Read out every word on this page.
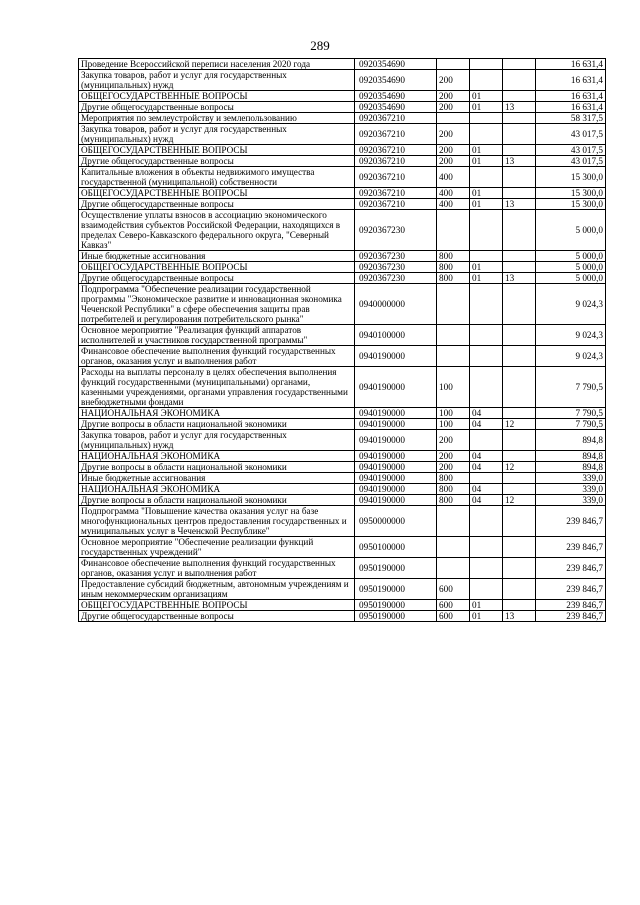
289
Проведение Всероссийской переписи населения 2020 года	0920354690				16 631,4
Закупка товаров, работ и услуг для государственных (муниципальных) нужд	0920354690	200			16 631,4
ОБЩЕГОСУДАРСТВЕННЫЕ ВОПРОСЫ	0920354690	200	01		16 631,4
Другие общегосударственные вопросы	0920354690	200	01	13	16 631,4
Мероприятия по землеустройству и землепользованию	0920367210				58 317,5
Закупка товаров, работ и услуг для государственных (муниципальных) нужд	0920367210	200			43 017,5
ОБЩЕГОСУДАРСТВЕННЫЕ ВОПРОСЫ	0920367210	200	01		43 017,5
Другие общегосударственные вопросы	0920367210	200	01	13	43 017,5
Капитальные вложения в объекты недвижимого имущества государственной (муниципальной) собственности	0920367210	400			15 300,0
ОБЩЕГОСУДАРСТВЕННЫЕ ВОПРОСЫ	0920367210	400	01		15 300,0
Другие общегосударственные вопросы	0920367210	400	01	13	15 300,0
Осуществление уплаты взносов в ассоциацию экономического взаимодействия субъектов Российской Федерации, находящихся в пределах Северо-Кавказского федерального округа, "Северный Кавказ"	0920367230				5 000,0
Иные бюджетные ассигнования	0920367230	800			5 000,0
ОБЩЕГОСУДАРСТВЕННЫЕ ВОПРОСЫ	0920367230	800	01		5 000,0
Другие общегосударственные вопросы	0920367230	800	01	13	5 000,0
Подпрограмма "Обеспечение реализации государственной программы "Экономическое развитие и инновационная экономика Чеченской Республики" в сфере обеспечения защиты прав потребителей и регулирования потребительского рынка"	0940000000				9 024,3
Основное мероприятие "Реализация функций аппаратов исполнителей и участников государственной программы"	0940100000				9 024,3
Финансовое обеспечение выполнения функций государственных органов, оказания услуг и выполнения работ	0940190000				9 024,3
Расходы на выплаты персоналу в целях обеспечения выполнения функций государственными (муниципальными) органами, казенными учреждениями, органами управления государственными внебюджетными фондами	0940190000	100			7 790,5
НАЦИОНАЛЬНАЯ ЭКОНОМИКА	0940190000	100	04		7 790,5
Другие вопросы в области национальной экономики	0940190000	100	04	12	7 790,5
Закупка товаров, работ и услуг для государственных (муниципальных) нужд	0940190000	200			894,8
НАЦИОНАЛЬНАЯ ЭКОНОМИКА	0940190000	200	04		894,8
Другие вопросы в области национальной экономики	0940190000	200	04	12	894,8
Иные бюджетные ассигнования	0940190000	800			339,0
НАЦИОНАЛЬНАЯ ЭКОНОМИКА	0940190000	800	04		339,0
Другие вопросы в области национальной экономики	0940190000	800	04	12	339,0
Подпрограмма "Повышение качества оказания услуг на базе многофункциональных центров предоставления государственных и муниципальных услуг в Чеченской Республике"	0950000000				239 846,7
Основное мероприятие "Обеспечение реализации функций государственных учреждений"	0950100000				239 846,7
Финансовое обеспечение выполнения функций государственных органов, оказания услуг и выполнения работ	0950190000				239 846,7
Предоставление субсидий бюджетным, автономным учреждениям и иным некоммерческим организациям	0950190000	600			239 846,7
ОБЩЕГОСУДАРСТВЕННЫЕ ВОПРОСЫ	0950190000	600	01		239 846,7
Другие общегосударственные вопросы	0950190000	600	01	13	239 846,7
